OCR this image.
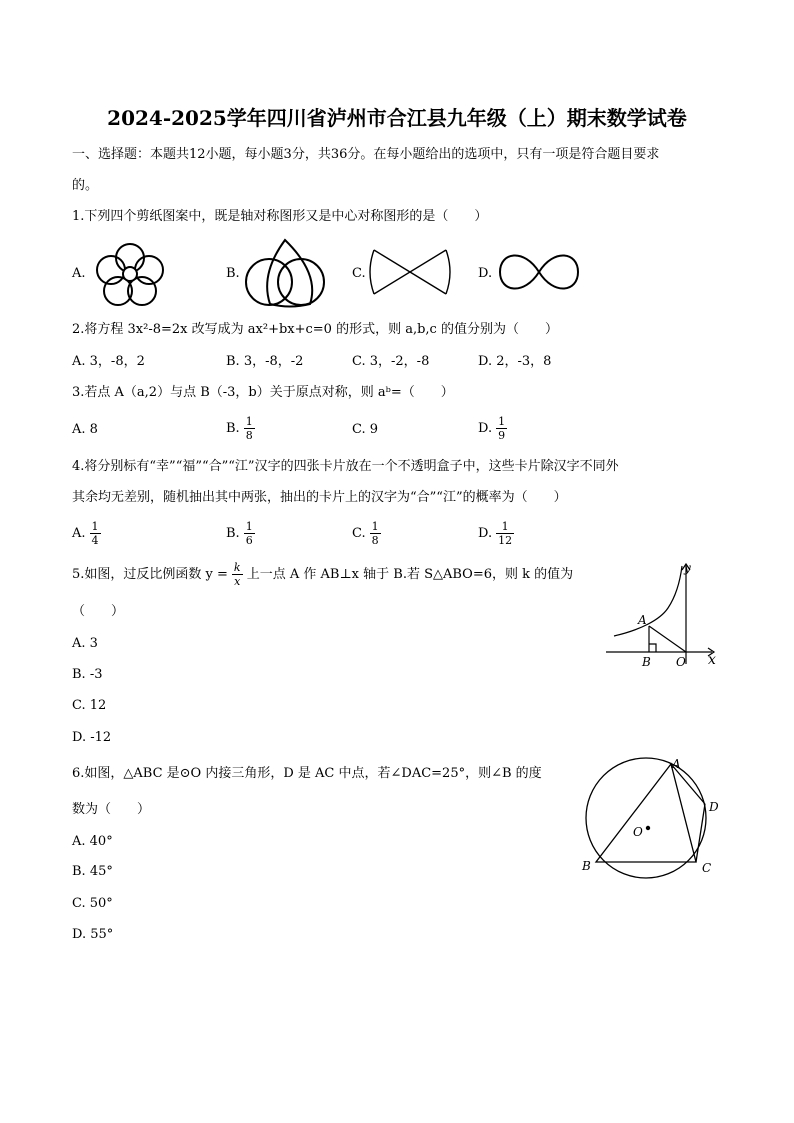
2024-2025学年四川省泸州市合江县九年级（上）期末数学试卷
一、选择题：本题共12小题，每小题3分，共36分。在每小题给出的选项中，只有一项是符合题目要求
的。
1.下列四个剪纸图案中，既是轴对称图形又是中心对称图形的是（　　）
A.	B.	C.	D.
2.将方程 3x²-8=2x 改写成为 ax²+bx+c=0 的形式，则 a,b,c 的值分别为（　　）
A. 3，-8，2	B. 3，-8，-2	C. 3，-2，-8	D. 2，-3，8
3.若点 A（a,2）与点 B（-3，b）关于原点对称，则 aᵇ=（　　）
A. 8	B. $\frac{1}{8}$	C. 9	D. $\frac{1}{9}$
4.将分别标有“幸”“福”“合”“江”汉字的四张卡片放在一个不透明盒子中，这些卡片除汉字不同外
其余均无差别，随机抽出其中两张，抽出的卡片上的汉字为“合”“江”的概率为（　　）
A. $\frac{1}{4}$	B. $\frac{1}{6}$	C. $\frac{1}{8}$	D. $\frac{1}{12}$
5.如图，过反比例函数 $y = \frac{k}{x}$ 上一点 A 作 AB⊥x 轴于 B.若 S△ABO=6，则 k 的值为
（　　）
A. 3
B. -3
C. 12
D. -12
y
x
A
B O
6.如图，△ABC 是⊙O 内接三角形，D 是 AC 中点，若∠DAC=25°，则∠B 的度
数为（　　）
A. 40°
B. 45°
C. 50°
D. 55°
A
B	C
D
O
